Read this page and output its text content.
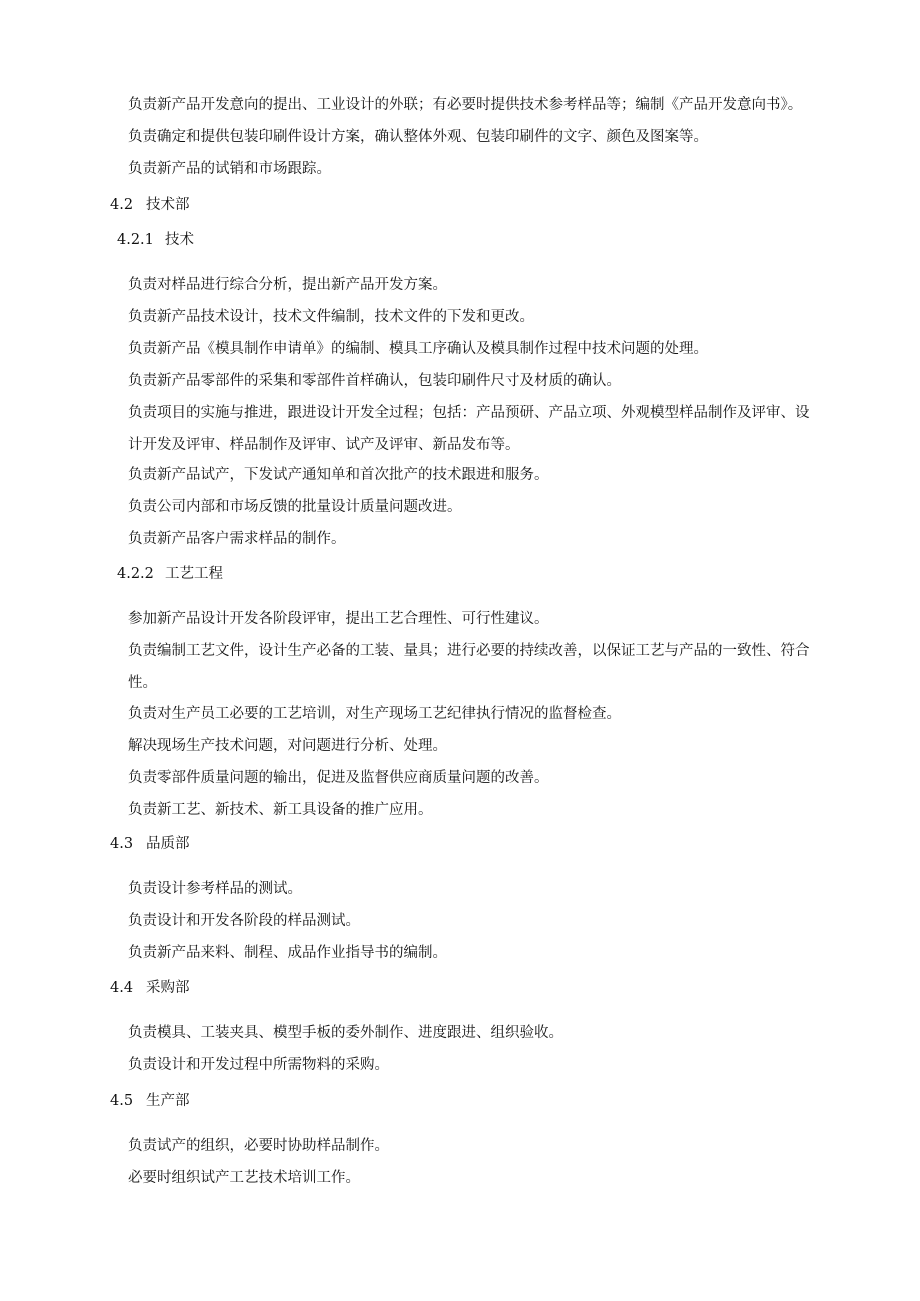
负责新产品开发意向的提出、工业设计的外联；有必要时提供技术参考样品等；编制《产品开发意向书》。
负责确定和提供包装印刷件设计方案，确认整体外观、包装印刷件的文字、颜色及图案等。
负责新产品的试销和市场跟踪。
4.2 技术部
4.2.1 技术
负责对样品进行综合分析，提出新产品开发方案。
负责新产品技术设计，技术文件编制，技术文件的下发和更改。
负责新产品《模具制作申请单》的编制、模具工序确认及模具制作过程中技术问题的处理。
负责新产品零部件的采集和零部件首样确认，包装印刷件尺寸及材质的确认。
负责项目的实施与推进，跟进设计开发全过程；包括：产品预研、产品立项、外观模型样品制作及评审、设
计开发及评审、样品制作及评审、试产及评审、新品发布等。
负责新产品试产，下发试产通知单和首次批产的技术跟进和服务。
负责公司内部和市场反馈的批量设计质量问题改进。
负责新产品客户需求样品的制作。
4.2.2 工艺工程
参加新产品设计开发各阶段评审，提出工艺合理性、可行性建议。
负责编制工艺文件，设计生产必备的工装、量具；进行必要的持续改善，以保证工艺与产品的一致性、符合
性。
负责对生产员工必要的工艺培训，对生产现场工艺纪律执行情况的监督检查。
解决现场生产技术问题，对问题进行分析、处理。
负责零部件质量问题的输出，促进及监督供应商质量问题的改善。
负责新工艺、新技术、新工具设备的推广应用。
4.3 品质部
负责设计参考样品的测试。
负责设计和开发各阶段的样品测试。
负责新产品来料、制程、成品作业指导书的编制。
4.4 采购部
负责模具、工装夹具、模型手板的委外制作、进度跟进、组织验收。
负责设计和开发过程中所需物料的采购。
4.5 生产部
负责试产的组织，必要时协助样品制作。
必要时组织试产工艺技术培训工作。
